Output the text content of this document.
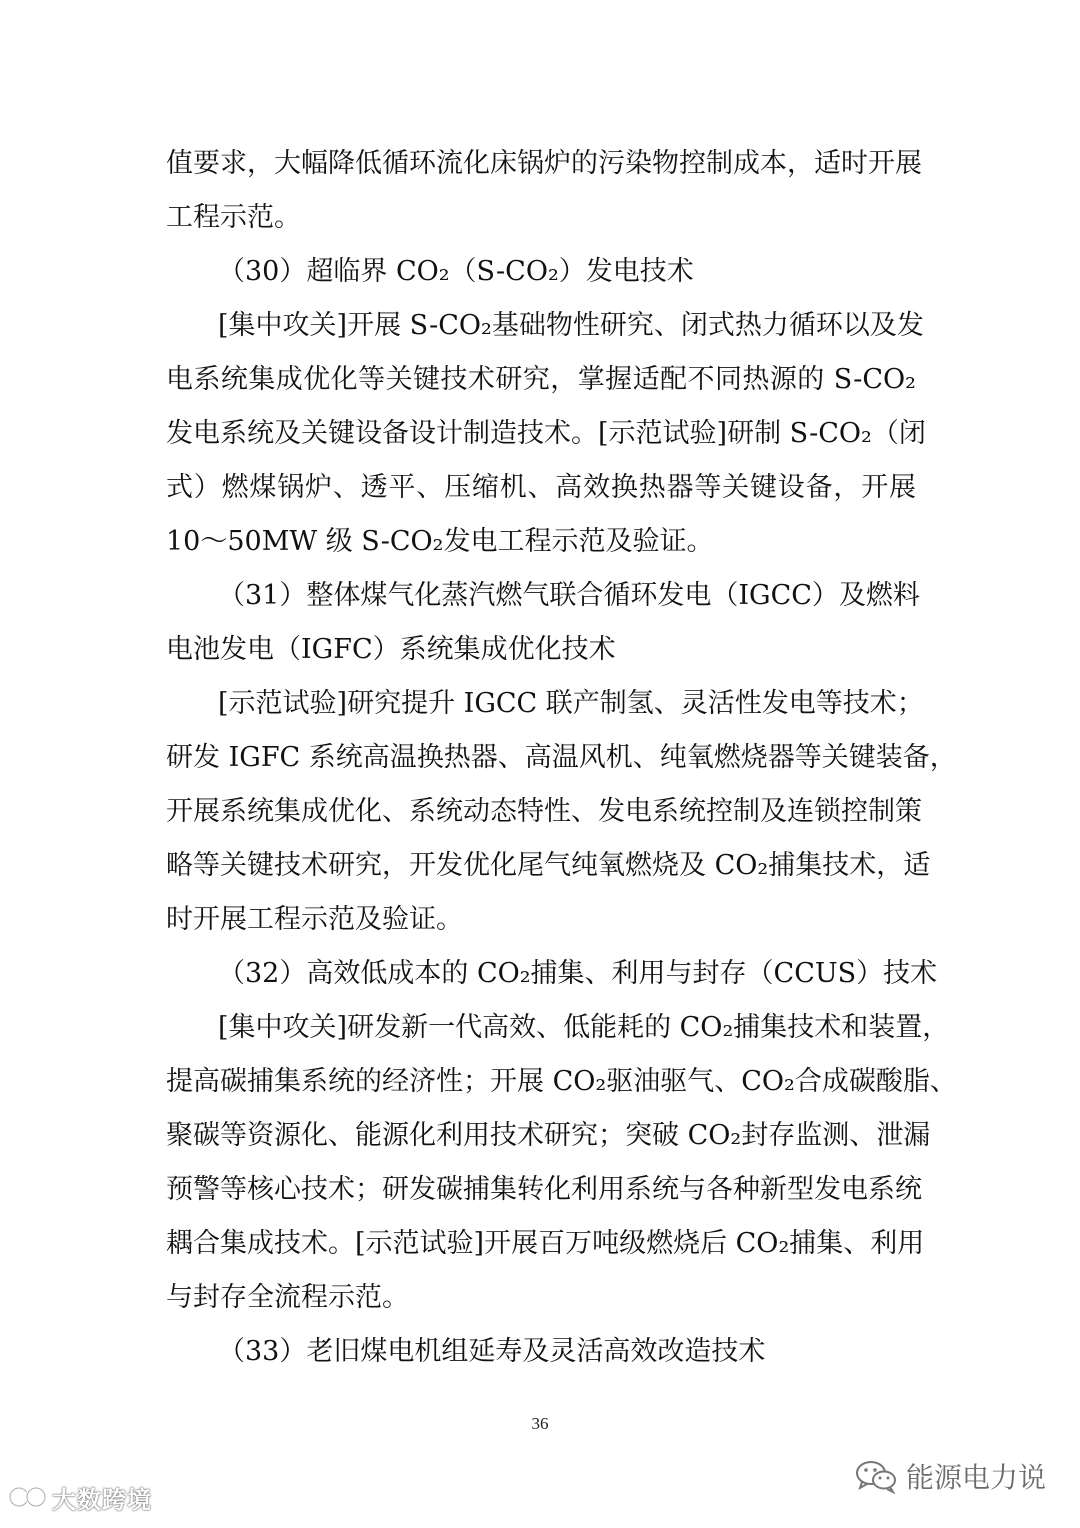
值要求，大幅降低循环流化床锅炉的污染物控制成本，适时开展
工程示范。
（30）超临界 CO₂（S-CO₂）发电技术
[集中攻关]开展 S-CO₂基础物性研究、闭式热力循环以及发
电系统集成优化等关键技术研究，掌握适配不同热源的 S-CO₂
发电系统及关键设备设计制造技术。[示范试验]研制 S-CO₂（闭
式）燃煤锅炉、透平、压缩机、高效换热器等关键设备，开展
10～50MW 级 S-CO₂发电工程示范及验证。
（31）整体煤气化蒸汽燃气联合循环发电（IGCC）及燃料
电池发电（IGFC）系统集成优化技术
[示范试验]研究提升 IGCC 联产制氢、灵活性发电等技术；
研发 IGFC 系统高温换热器、高温风机、纯氧燃烧器等关键装备，
开展系统集成优化、系统动态特性、发电系统控制及连锁控制策
略等关键技术研究，开发优化尾气纯氧燃烧及 CO₂捕集技术，适
时开展工程示范及验证。
（32）高效低成本的 CO₂捕集、利用与封存（CCUS）技术
[集中攻关]研发新一代高效、低能耗的 CO₂捕集技术和装置，
提高碳捕集系统的经济性；开展 CO₂驱油驱气、CO₂合成碳酸脂、
聚碳等资源化、能源化利用技术研究；突破 CO₂封存监测、泄漏
预警等核心技术；研发碳捕集转化利用系统与各种新型发电系统
耦合集成技术。[示范试验]开展百万吨级燃烧后 CO₂捕集、利用
与封存全流程示范。
（33）老旧煤电机组延寿及灵活高效改造技术
36
大数跨境
能源电力说
